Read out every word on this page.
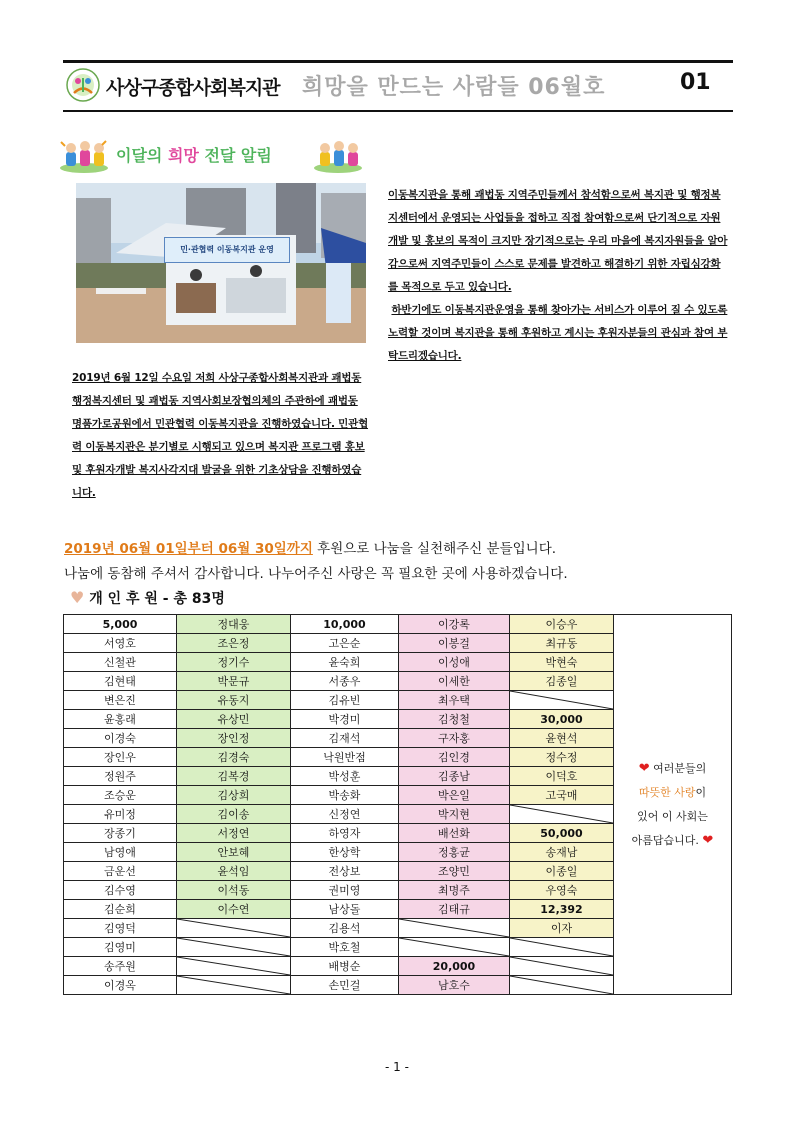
사상구종합사회복지관 희망을 만드는 사람들 06월호	01
이달의 희망 전달 알림
민·관협력 이동복지관 운영
2019년 6월 12일 수요일 저희 사상구종합사회복지관과 괘법동 행정복지센터 및 괘법동 지역사회보장협의체의 주관하에 괘법동 명품가로공원에서 민관협력 이동복지관을 진행하였습니다. 민관협력 이동복지관은 분기별로 시행되고 있으며 복지관 프로그램 홍보 및 후원자개발 복지사각지대 발굴을 위한 기초상담을 진행하였습니다.
이동복지관을 통해 괘법동 지역주민들께서 참석함으로써 복지관 및 행정복지센터에서 운영되는 사업들을 접하고 직접 참여함으로써 단기적으로 자원개발 및 홍보의 목적이 크지만 장기적으로는 우리 마을에 복지자원들을 알아감으로써 지역주민들이 스스로 문제를 발견하고 해결하기 위한 자립심강화를 목적으로 두고 있습니다.
하반기에도 이동복지관운영을 통해 찾아가는 서비스가 이루어 질 수 있도록 노력할 것이며 복지관을 통해 후원하고 계시는 후원자분들의 관심과 참여 부탁드리겠습니다.
2019년 06월 01일부터 06월 30일까지 후원으로 나눔을 실천해주신 분들입니다.
나눔에 동참해 주셔서 감사합니다. 나누어주신 사랑은 꼭 필요한 곳에 사용하겠습니다.
♥ 개 인 후 원 - 총 83명
5,000	정대웅	10,000	이강록	이승우	❤ 여러분들의
따뜻한 사랑이
있어 이 사회는
아름답습니다. ❤
서영호	조은정	고은순	이봉걸	최규동	
신철관	정기수	윤숙희	이성애	박현숙	
김현태	박문규	서종우	이세한	김종일	
변은진	유동지	김유빈	최우택	

윤홍래	유상민	박경미	김청철	30,000	
이경숙	장인정	김재석	구자홍	윤현석	
장인우	김경숙	낙원반점	김인경	정수정	
정원주	김복경	박성훈	김종남	이덕호	
조승운	김상희	박송화	박은일	고국매	
유미정	김이송	신정연	박지현	

장종기	서정연	하영자	배선화	50,000	
남영애	안보혜	한상학	정홍균	송재남	
금운선	윤석임	전상보	조양민	이종일	
김수영	이석동	권미영	최명주	우영숙	
김순희	이수연	남상돌	김태규	12,392	
김영덕		김용석		이자	
김영미		박호철	

송주원		배병순	20,000	

이경옥		손민걸	남호수	
- 1 -
